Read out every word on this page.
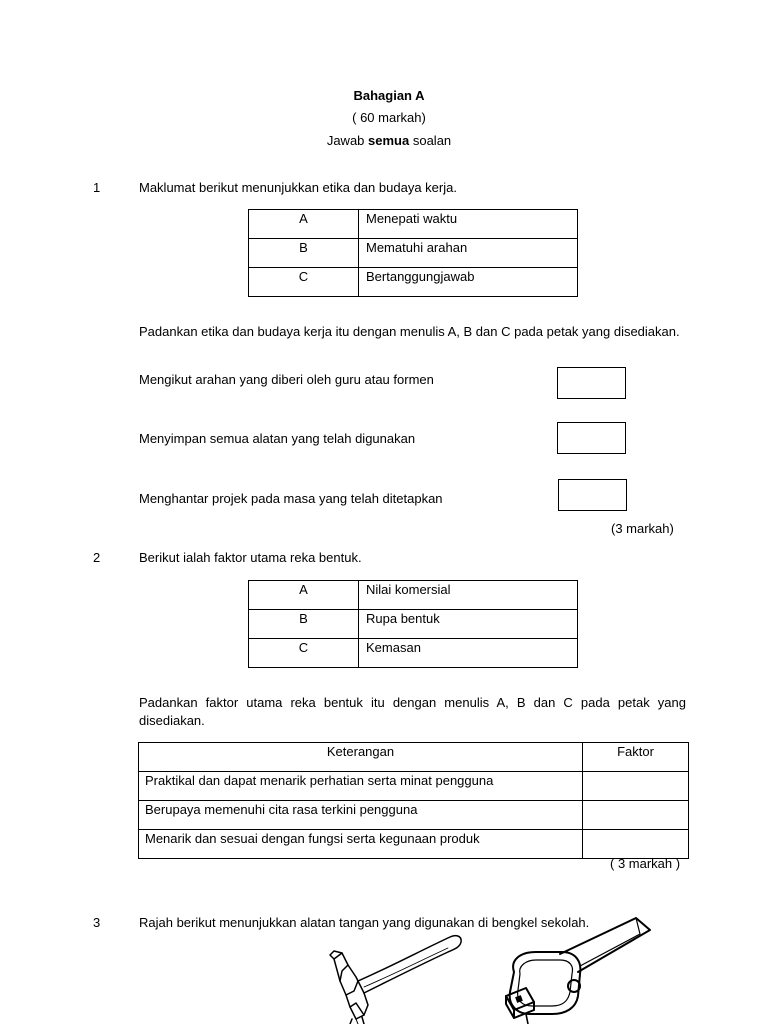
Bahagian A
( 60 markah)
Jawab semua soalan
1	Maklumat berikut menunjukkan etika dan budaya kerja.
A	Menepati waktu
B	Mematuhi arahan
C	Bertanggungjawab
Padankan etika dan budaya kerja itu dengan menulis A, B dan C pada petak yang disediakan.
Mengikut arahan yang diberi oleh guru atau formen
Menyimpan semua alatan yang telah digunakan
Menghantar projek pada masa yang telah ditetapkan
(3 markah)
2	Berikut ialah faktor utama reka bentuk.
A	Nilai komersial
B	Rupa bentuk
C	Kemasan
Padankan faktor utama reka bentuk itu dengan menulis A, B dan C pada petak yang disediakan.
Keterangan	Faktor
Praktikal dan dapat menarik perhatian serta minat pengguna	
Berupaya memenuhi cita rasa terkini pengguna	
Menarik dan sesuai dengan fungsi serta kegunaan produk	
( 3 markah )
3	Rajah berikut menunjukkan alatan tangan yang digunakan di bengkel sekolah.
